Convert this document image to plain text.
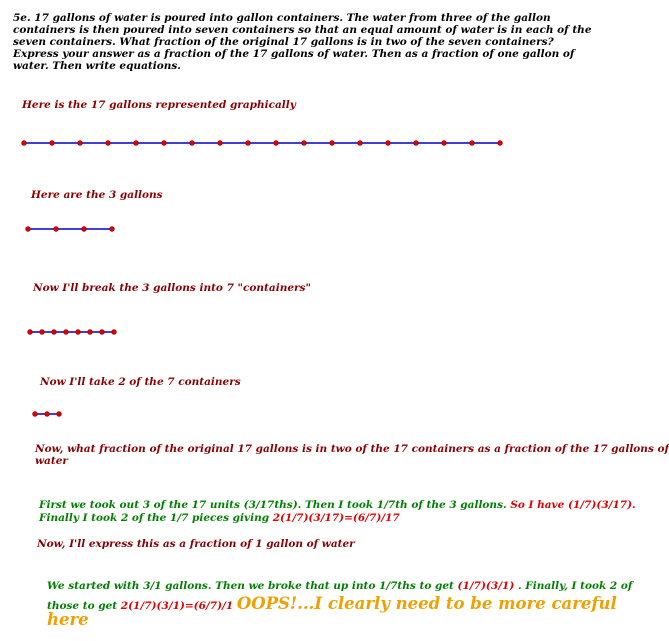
5e. 17 gallons of water is poured into gallon containers. The water from three of the gallon
containers is then poured into seven containers so that an equal amount of water is in each of the
seven containers. What fraction of the original 17 gallons is in two of the seven containers?
Express your answer as a fraction of the 17 gallons of water. Then as a fraction of one gallon of
water. Then write equations.
Here is the 17 gallons represented graphically
Here are the 3 gallons
Now I'll break the 3 gallons into 7 "containers"
Now I'll take 2 of the 7 containers
Now, what fraction of the original 17 gallons is in two of the 17 containers as a fraction of the 17 gallons of
water
First we took out 3 of the 17 units (3/17ths). Then I took 1/7th of the 3 gallons. So I have (1/7)(3/17).
Finally I took 2 of the 1/7 pieces giving 2(1/7)(3/17)=(6/7)/17
Now, I'll express this as a fraction of 1 gallon of water
We started with 3/1 gallons. Then we broke that up into 1/7ths to get (1/7)(3/1) . Finally, I took 2 of
those to get 2(1/7)(3/1)=(6/7)/1 OOPS!...I clearly need to be more careful
here
